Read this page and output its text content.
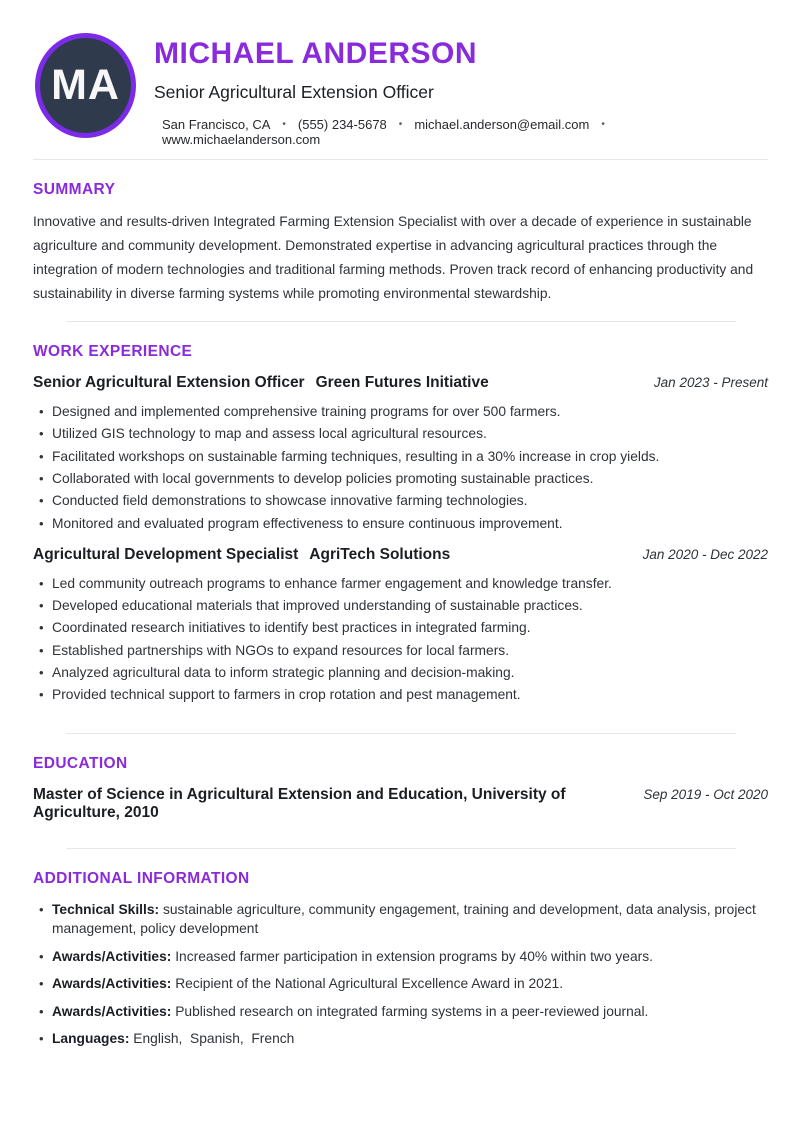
MA
MICHAEL ANDERSON
Senior Agricultural Extension Officer
San Francisco, CA • (555) 234-5678 • michael.anderson@email.com •
www.michaelanderson.com
SUMMARY

Innovative and results-driven Integrated Farming Extension Specialist with over a decade of experience in sustainable agriculture and community development. Demonstrated expertise in advancing agricultural practices through the integration of modern technologies and traditional farming methods. Proven track record of enhancing productivity and sustainability in diverse farming systems while promoting environmental stewardship.

WORK EXPERIENCE
Senior Agricultural Extension Officer Green Futures Initiative	Jan 2023 - Present
• Designed and implemented comprehensive training programs for over 500 farmers.
• Utilized GIS technology to map and assess local agricultural resources.
• Facilitated workshops on sustainable farming techniques, resulting in a 30% increase in crop yields.
• Collaborated with local governments to develop policies promoting sustainable practices.
• Conducted field demonstrations to showcase innovative farming technologies.
• Monitored and evaluated program effectiveness to ensure continuous improvement.
Agricultural Development Specialist AgriTech Solutions	Jan 2020 - Dec 2022
• Led community outreach programs to enhance farmer engagement and knowledge transfer.
• Developed educational materials that improved understanding of sustainable practices.
• Coordinated research initiatives to identify best practices in integrated farming.
• Established partnerships with NGOs to expand resources for local farmers.
• Analyzed agricultural data to inform strategic planning and decision-making.
• Provided technical support to farmers in crop rotation and pest management.
EDUCATION
Master of Science in Agricultural Extension and Education, University of Agriculture, 2010
Sep 2019 - Oct 2020
ADDITIONAL INFORMATION
• Technical Skills: sustainable agriculture, community engagement, training and development, data analysis, project management, policy development
• Awards/Activities: Increased farmer participation in extension programs by 40% within two years.
• Awards/Activities: Recipient of the National Agricultural Excellence Award in 2021.
• Awards/Activities: Published research on integrated farming systems in a peer-reviewed journal.
• Languages: English,  Spanish,  French
